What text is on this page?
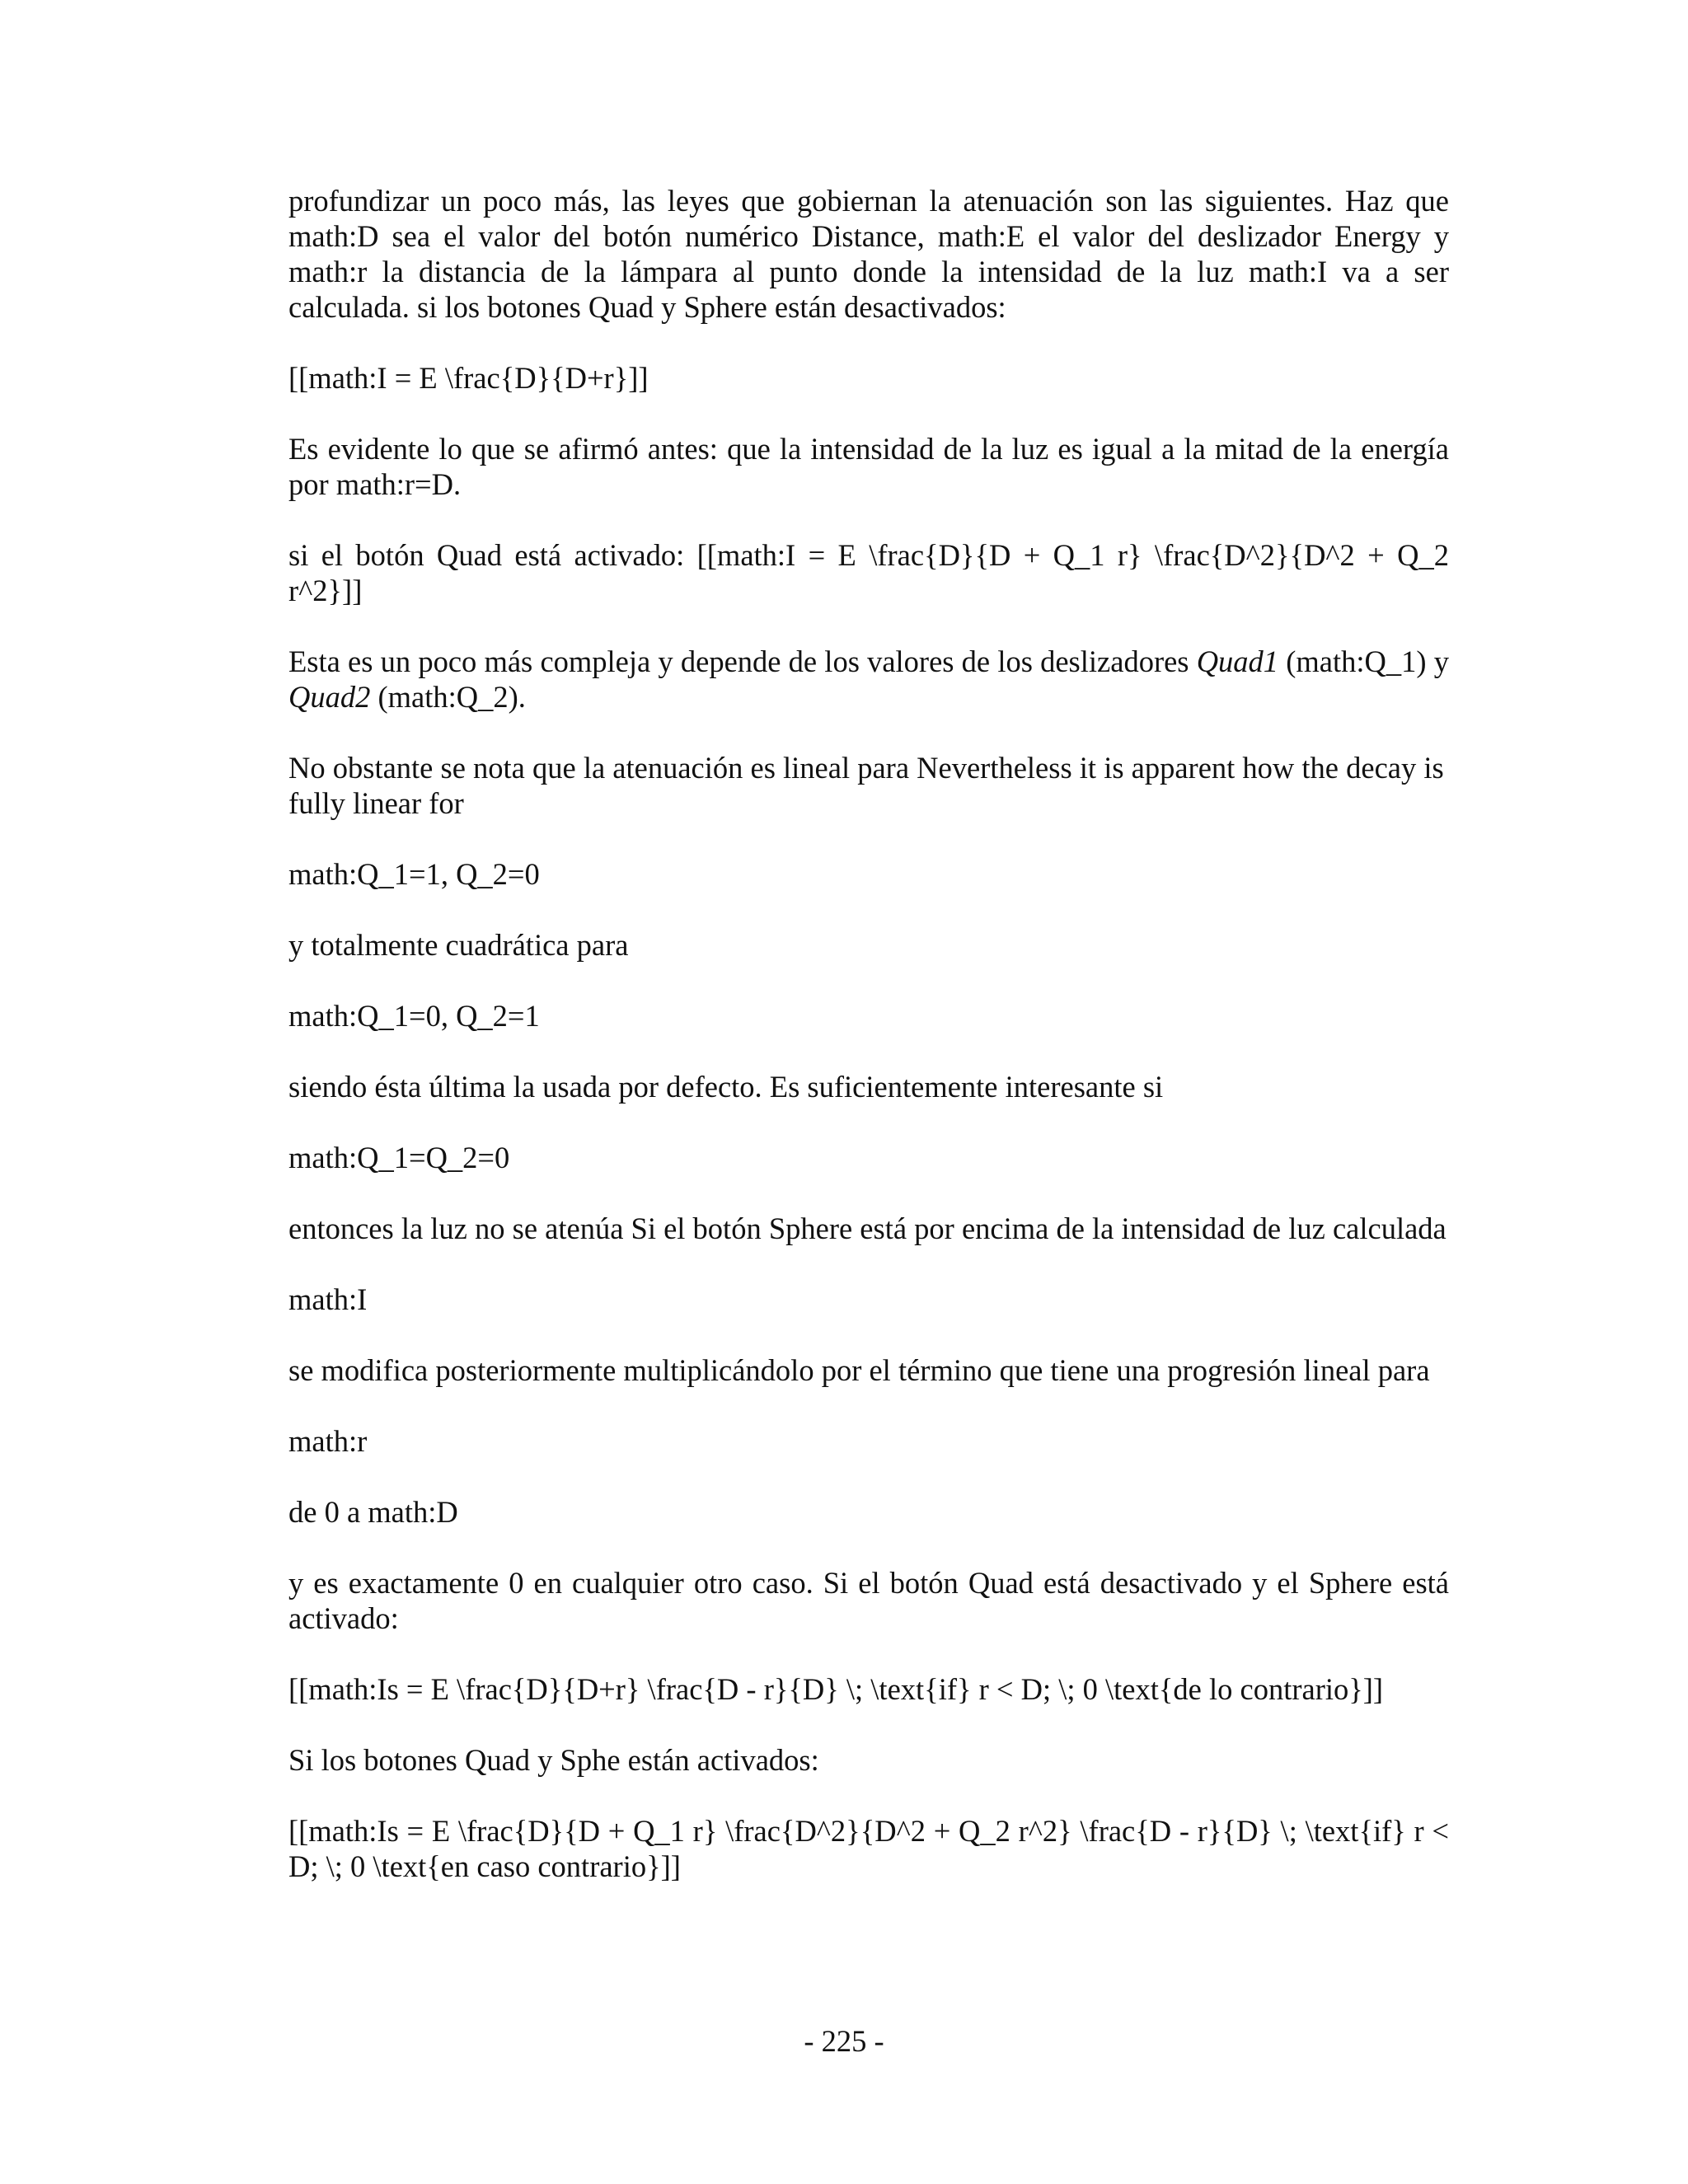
profundizar un poco más, las leyes que gobiernan la atenuación son las siguientes. Haz que math:D sea el valor del botón numérico Distance, math:E el valor del deslizador Energy y math:r la distancia de la lámpara al punto donde la intensidad de la luz math:I va a ser calculada. si los botones Quad y Sphere están desactivados:

[[math:I = E \frac{D}{D+r}]]

Es evidente lo que se afirmó antes: que la intensidad de la luz es igual a la mitad de la energía por math:r=D.

si el botón Quad está activado: [[math:I = E \frac{D}{D + Q_1 r} \frac{D^2}{D^2 + Q_2 r^2}]]

Esta es un poco más compleja y depende de los valores de los deslizadores Quad1 (math:Q_1) y Quad2 (math:Q_2).

No obstante se nota que la atenuación es lineal para Nevertheless it is apparent how the decay is fully linear for

math:Q_1=1, Q_2=0

y totalmente cuadrática para

math:Q_1=0, Q_2=1

siendo ésta última la usada por defecto. Es suficientemente interesante si

math:Q_1=Q_2=0

entonces la luz no se atenúa Si el botón Sphere está por encima de la intensidad de luz calculada

math:I

se modifica posteriormente multiplicándolo por el término que tiene una progresión lineal para

math:r

de 0 a math:D

y es exactamente 0 en cualquier otro caso. Si el botón Quad está desactivado y el Sphere está activado:

[[math:Is = E \frac{D}{D+r} \frac{D - r}{D} \; \text{if} r < D; \; 0 \text{de lo contrario}]]

Si los botones Quad y Sphe están activados:

[[math:Is = E \frac{D}{D + Q_1 r} \frac{D^2}{D^2 + Q_2 r^2} \frac{D - r}{D} \; \text{if} r < D; \; 0 \text{en caso contrario}]]

- 225 -
